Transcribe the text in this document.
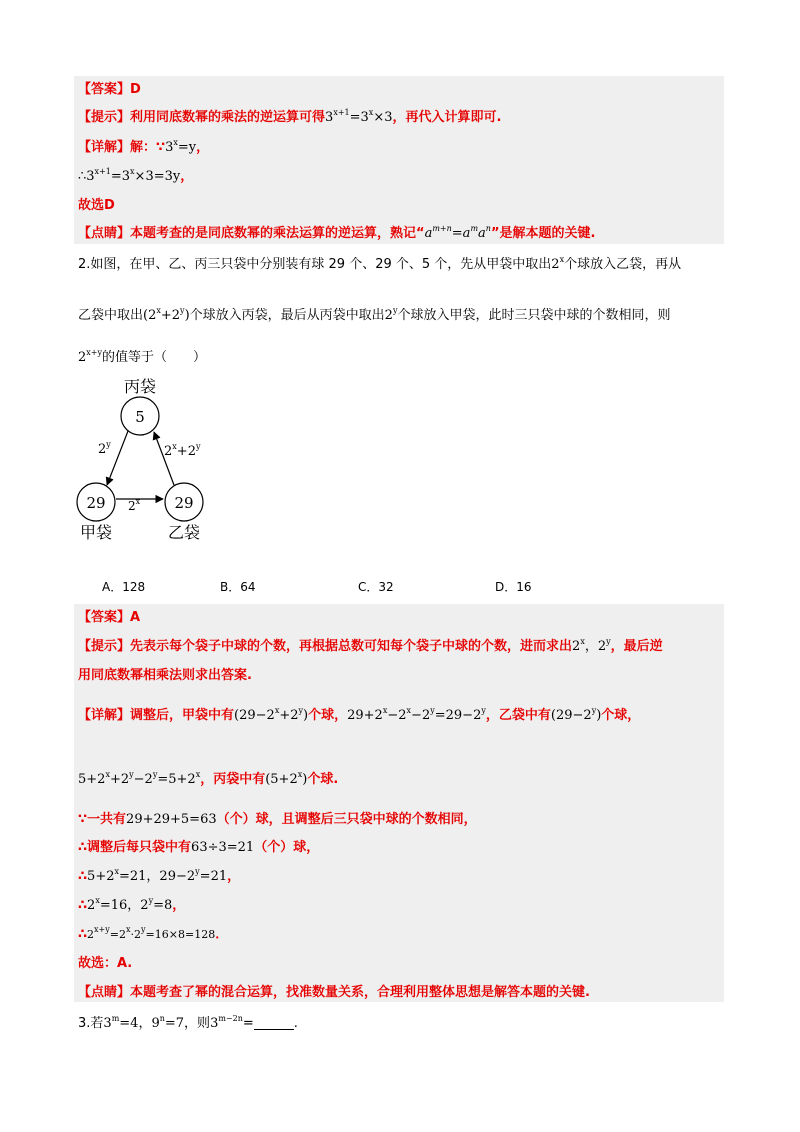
【答案】D
【提示】利用同底数幂的乘法的逆运算可得$3^{x+1}=3^x\times 3$，再代入计算即可.
【详解】解：$\because 3^x=y$，
$\therefore 3^{x+1}=3^x\times 3=3y$，
故选D
【点睛】本题考查的是同底数幂的乘法运算的逆运算，熟记“$a^{m+n}=a^ma^n$”是解本题的关键.
2.如图，在甲、乙、丙三只袋中分别装有球 29 个、29 个、5 个，先从甲袋中取出2$^x$个球放入乙袋，再从
乙袋中取出$(2^x+2^y)$个球放入丙袋，最后从丙袋中取出2$^y$个球放入甲袋，此时三只袋中球的个数相同，则
$2^{x+y}$的值等于（　　）
丙袋
5
29
甲袋
29
乙袋
2$^y$	$2^x+2^y$
2$^x$
A．128	B．64	C．32	D．16
【答案】A
【提示】先表示每个袋子中球的个数，再根据总数可知每个袋子中球的个数，进而求出2$^x$，2$^y$，最后逆
用同底数幂相乘法则求出答案.
【详解】调整后，甲袋中有$(29-2^x+2^y)$个球，$29+2^x-2^x-2^y=29-2^y$，乙袋中有$(29-2^y)$个球，
$5+2^x+2^y-2^y=5+2^x$，丙袋中有$(5+2^x)$个球.
∵一共有29+29+5=63（个）球，且调整后三只袋中球的个数相同，
∴调整后每只袋中有63÷3=21（个）球，
$\therefore 5+2^x=21$，$29-2^y=21$，
$\therefore 2^x=16$，$2^y=8$，
$\therefore 2^{x+y}=2^x\cdot 2^y=16\times 8=128$．
故选：A.
【点睛】本题考查了幂的混合运算，找准数量关系，合理利用整体思想是解答本题的关键.
3.若$3^m=4$，$9^n=7$，则$3^{m-2n}=$	.
